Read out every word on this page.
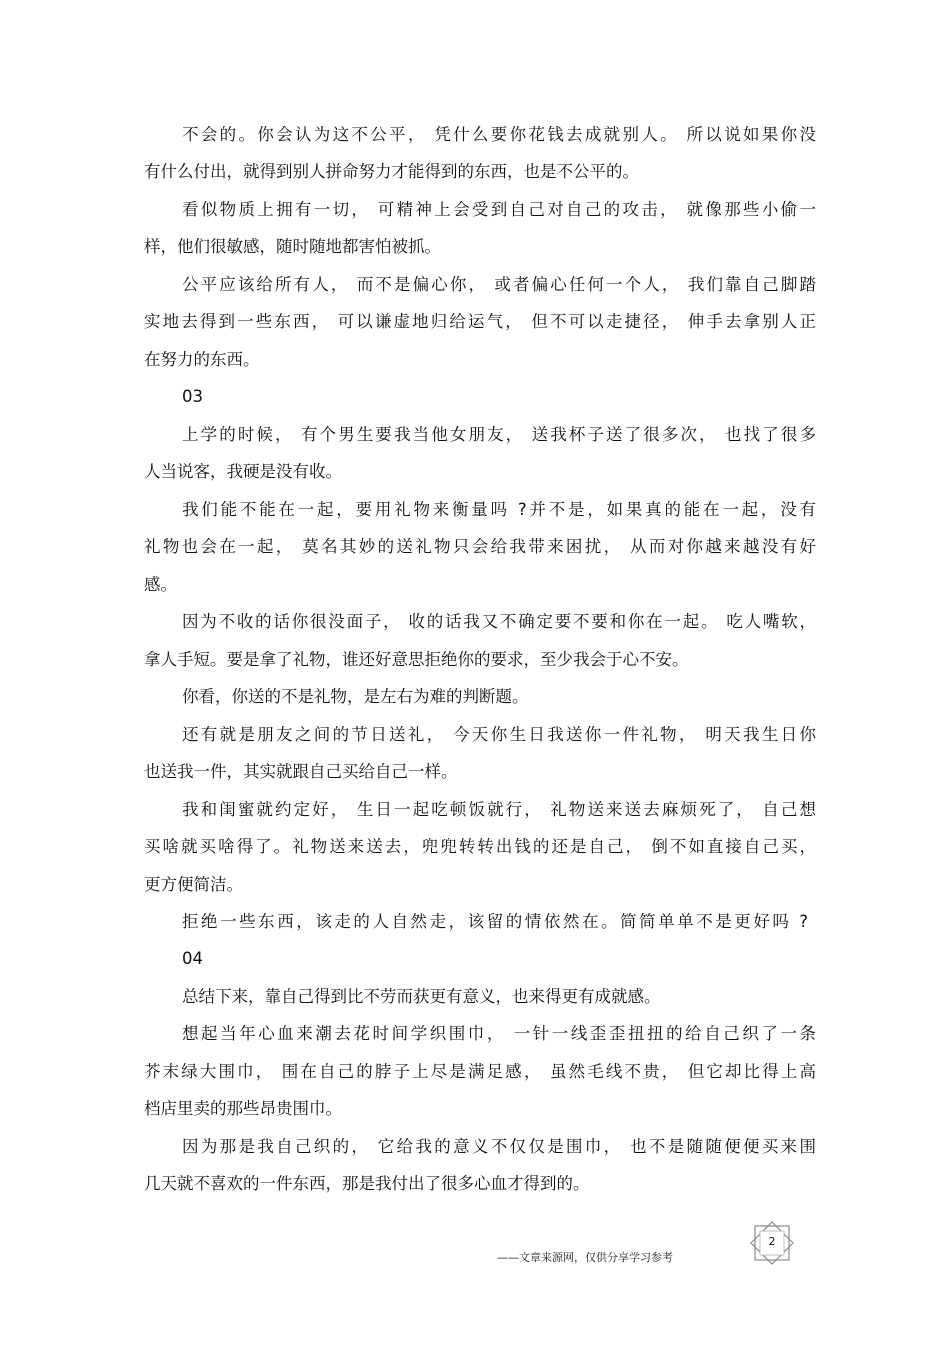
不会的。你会认为这不公平， 凭什么要你花钱去成就别人。 所以说如果你没
有什么付出，就得到别人拼命努力才能得到的东西，也是不公平的。
看似物质上拥有一切， 可精神上会受到自己对自己的攻击， 就像那些小偷一
样，他们很敏感，随时随地都害怕被抓。
公平应该给所有人， 而不是偏心你， 或者偏心任何一个人， 我们靠自己脚踏
实地去得到一些东西， 可以谦虚地归给运气， 但不可以走捷径， 伸手去拿别人正
在努力的东西。
03
上学的时候， 有个男生要我当他女朋友， 送我杯子送了很多次， 也找了很多
人当说客，我硬是没有收。
我们能不能在一起，要用礼物来衡量吗 ?并不是，如果真的能在一起，没有
礼物也会在一起， 莫名其妙的送礼物只会给我带来困扰， 从而对你越来越没有好
感。
因为不收的话你很没面子， 收的话我又不确定要不要和你在一起。 吃人嘴软，
拿人手短。要是拿了礼物，谁还好意思拒绝你的要求，至少我会于心不安。
你看，你送的不是礼物，是左右为难的判断题。
还有就是朋友之间的节日送礼， 今天你生日我送你一件礼物， 明天我生日你
也送我一件，其实就跟自己买给自己一样。
我和闺蜜就约定好， 生日一起吃顿饭就行， 礼物送来送去麻烦死了， 自己想
买啥就买啥得了。礼物送来送去，兜兜转转出钱的还是自己， 倒不如直接自己买，
更方便简洁。
拒绝一些东西，该走的人自然走，该留的情依然在。简简单单不是更好吗 ?
04
总结下来，靠自己得到比不劳而获更有意义，也来得更有成就感。
想起当年心血来潮去花时间学织围巾， 一针一线歪歪扭扭的给自己织了一条
芥末绿大围巾， 围在自己的脖子上尽是满足感， 虽然毛线不贵， 但它却比得上高
档店里卖的那些昂贵围巾。
因为那是我自己织的， 它给我的意义不仅仅是围巾， 也不是随随便便买来围
几天就不喜欢的一件东西，那是我付出了很多心血才得到的。
2
——文章来源网，仅供分享学习参考
